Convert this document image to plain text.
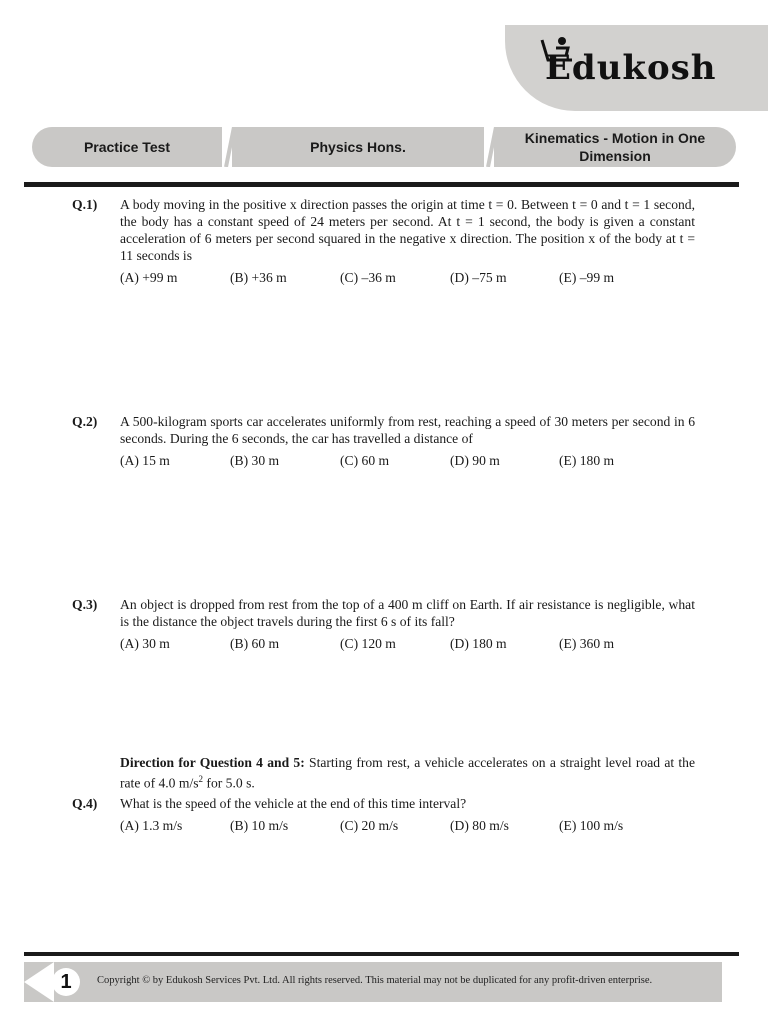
Edukosh
Practice Test	Physics Hons.
Kinematics - Motion in One Dimension
Q.1) A body moving in the positive x direction passes the origin at time t = 0. Between t = 0 and t = 1 second, the body has a constant speed of 24 meters per second. At t = 1 second, the body is given a constant acceleration of 6 meters per second squared in the negative x direction. The position x of the body at t = 11 seconds is
(A) +99 m	(B) +36 m	(C) –36 m	(D) –75 m	(E) –99 m
Q.2) A 500-kilogram sports car accelerates uniformly from rest, reaching a speed of 30 meters per second in 6 seconds. During the 6 seconds, the car has travelled a distance of
(A) 15 m	(B) 30 m	(C) 60 m	(D) 90 m	(E) 180 m
Q.3) An object is dropped from rest from the top of a 400 m cliff on Earth. If air resistance is negligible, what is the distance the object travels during the first 6 s of its fall?
(A) 30 m	(B) 60 m	(C) 120 m	(D) 180 m	(E) 360 m
Direction for Question 4 and 5: Starting from rest, a vehicle accelerates on a straight level road at the rate of 4.0 $m/s^2$ for 5.0 s.
Q.4) What is the speed of the vehicle at the end of this time interval?
(A) 1.3 m/s	(B) 10 m/s	(C) 20 m/s	(D) 80 m/s	(E) 100 m/s
1	Copyright © by Edukosh Services Pvt. Ltd. All rights reserved. This material may not be duplicated for any profit-driven enterprise.
